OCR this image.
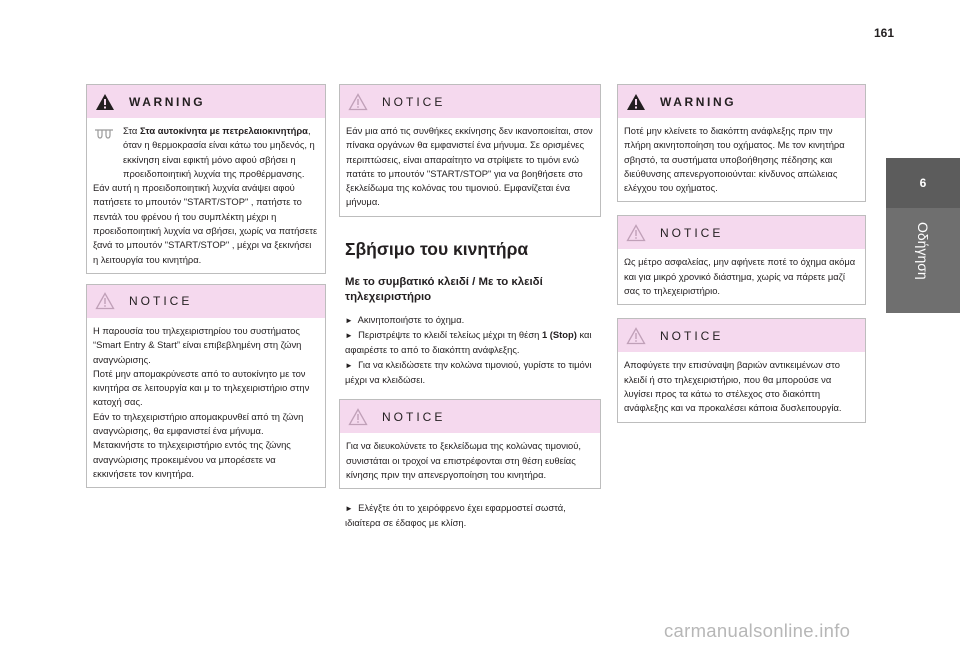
161
6
Οδήγηση
WARNING

Στα Στα αυτοκίνητα με πετρελαιοκινητήρα, όταν η θερμοκρασία είναι κάτω του μηδενός, η εκκίνηση είναι εφικτή μόνο αφού σβήσει η προειδοποιητική λυχνία της προθέρμανσης.

Εάν αυτή η προειδοποιητική λυχνία ανάψει αφού πατήσετε το μπουτόν "START/STOP" , πατήστε το πεντάλ του φρένου ή του συμπλέκτη μέχρι η προειδοποιητική λυχνία να σβήσει, χωρίς να πατήσετε ξανά το μπουτόν "START/STOP" , μέχρι να ξεκινήσει η λειτουργία του κινητήρα.

NOTICE

Η παρουσία του τηλεχειριστηρίου του συστήματος “Smart Entry & Start” είναι επιβεβλημένη στη ζώνη αναγνώρισης.

Ποτέ μην απομακρύνεστε από το αυτοκίνητο με τον κινητήρα σε λειτουργία και μ το τηλεχειριστήριο στην κατοχή σας.

Εάν το τηλεχειριστήριο απομακρυνθεί από τη ζώνη αναγνώρισης, θα εμφανιστεί ένα μήνυμα.

Μετακινήστε το τηλεχειριστήριο εντός της ζώνης αναγνώρισης προκειμένου να μπορέσετε να εκκινήσετε τον κινητήρα.

NOTICE

Εάν μια από τις συνθήκες εκκίνησης δεν ικανοποιείται, στον πίνακα οργάνων θα εμφανιστεί ένα μήνυμα. Σε ορισμένες περιπτώσεις, είναι απαραίτητο να στρίψετε το τιμόνι ενώ πατάτε το μπουτόν "START/STOP" για να βοηθήσετε στο ξεκλείδωμα της κολόνας του τιμονιού. Εμφανίζεται ένα μήνυμα.

Σβήσιμο του κινητήρα
Με το συμβατικό κλειδί / Με το κλειδί τηλεχειριστήριο

► Ακινητοποιήστε το όχημα.

► Περιστρέψτε το κλειδί τελείως μέχρι τη θέση 1 (Stop) και αφαιρέστε το από το διακόπτη ανάφλεξης.

► Για να κλειδώσετε την κολώνα τιμονιού, γυρίστε το τιμόνι μέχρι να κλειδώσει.

NOTICE

Για να διευκολύνετε το ξεκλείδωμα της κολώνας τιμονιού, συνιστάται οι τροχοί να επιστρέφονται στη θέση ευθείας κίνησης πριν την απενεργοποίηση του κινητήρα.

► Ελέγξτε ότι το χειρόφρενο έχει εφαρμοστεί σωστά, ιδιαίτερα σε έδαφος με κλίση.
WARNING

Ποτέ μην κλείνετε το διακόπτη ανάφλεξης πριν την πλήρη ακινητοποίηση του οχήματος. Με τον κινητήρα σβηστό, τα συστήματα υποβοήθησης πέδησης και διεύθυνσης απενεργοποιούνται: κίνδυνος απώλειας ελέγχου του οχήματος.

NOTICE

Ως μέτρο ασφαλείας, μην αφήνετε ποτέ το όχημα ακόμα και για μικρό χρονικό διάστημα, χωρίς να πάρετε μαζί σας το τηλεχειριστήριο.

NOTICE

Αποφύγετε την επισύναψη βαριών αντικειμένων στο κλειδί ή στο τηλεχειριστήριο, που θα μπορούσε να λυγίσει προς τα κάτω το στέλεχος στο διακόπτη ανάφλεξης και να προκαλέσει κάποια δυσλειτουργία.

carmanualsonline.info
